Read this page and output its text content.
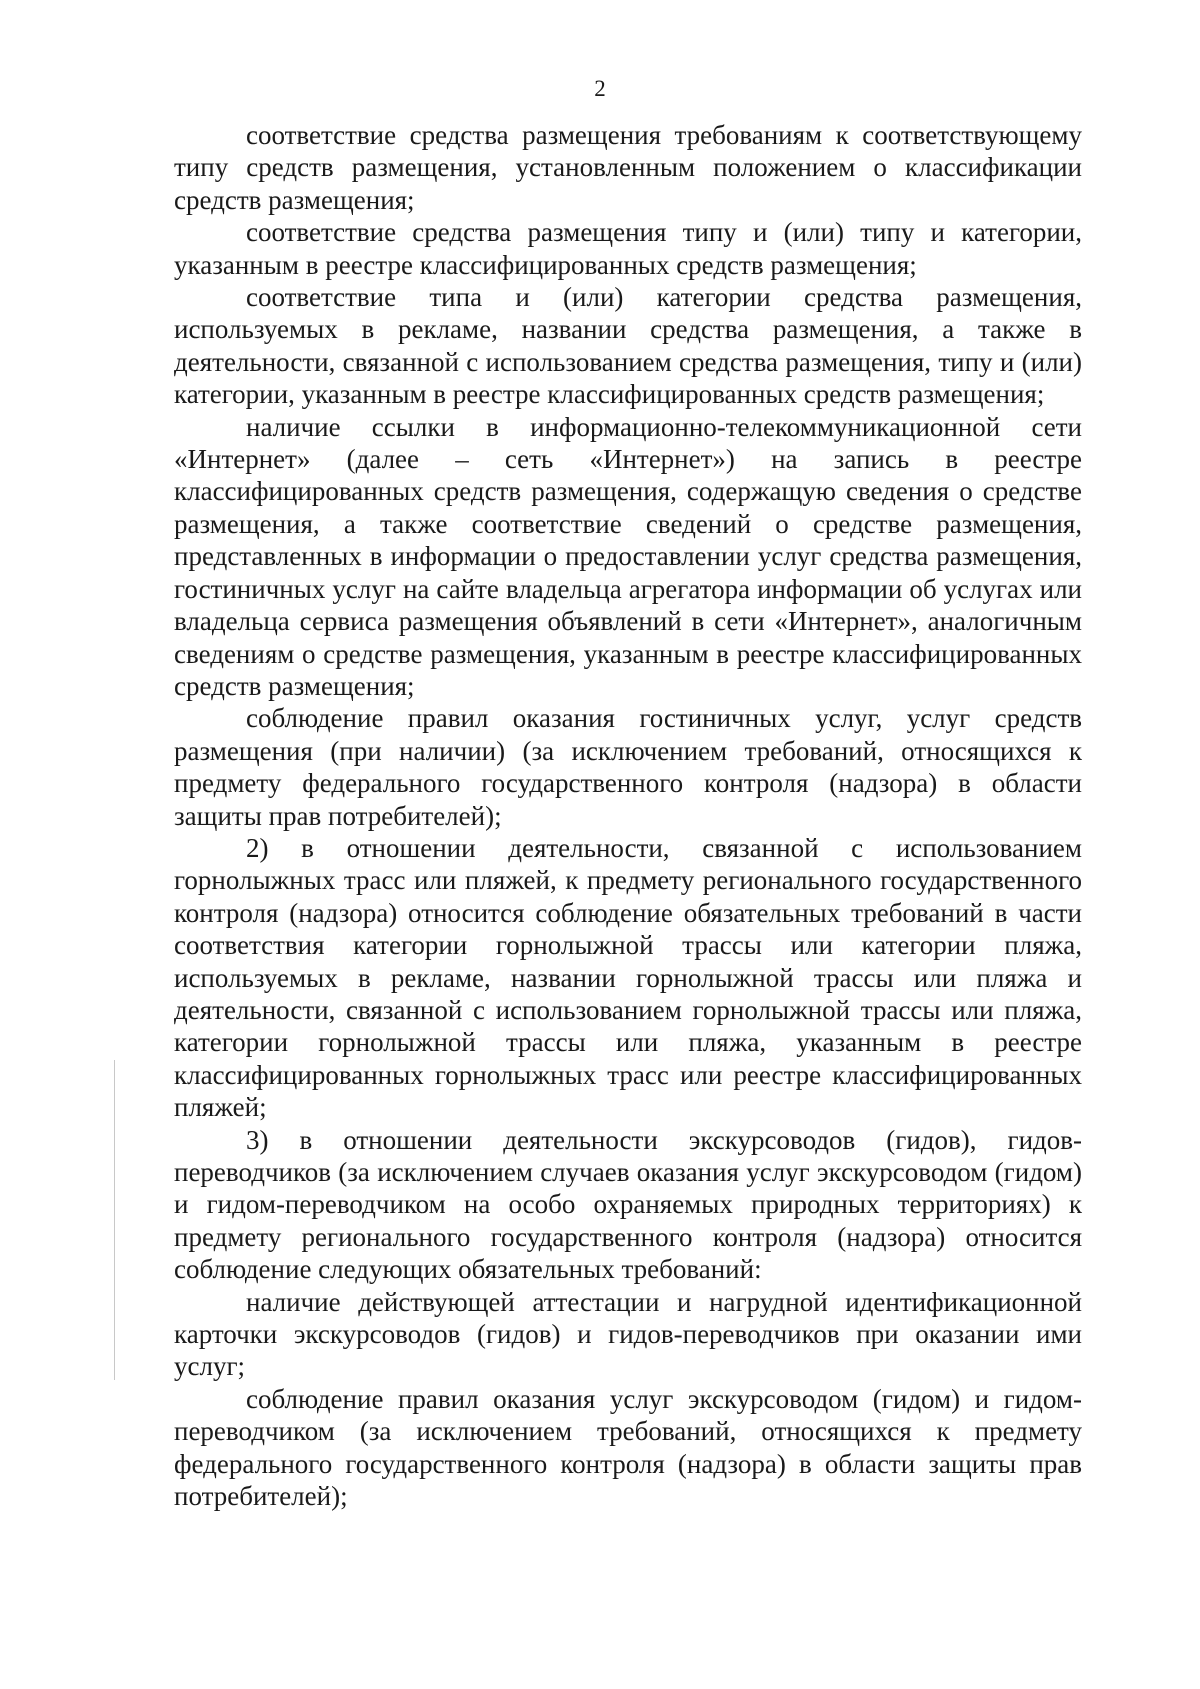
2

соответствие средства размещения требованиям к соответствующему типу средств размещения, установленным положением о классификации средств размещения;

соответствие средства размещения типу и (или) типу и категории, указанным в реестре классифицированных средств размещения;

соответствие типа и (или) категории средства размещения, используемых в рекламе, названии средства размещения, а также в деятельности, связанной с использованием средства размещения, типу и (или) категории, указанным в реестре классифицированных средств размещения;

наличие ссылки в информационно-телекоммуникационной сети «Интернет» (далее – сеть «Интернет») на запись в реестре классифицированных средств размещения, содержащую сведения о средстве размещения, а также соответствие сведений о средстве размещения, представленных в информации о предоставлении услуг средства размещения, гостиничных услуг на сайте владельца агрегатора информации об услугах или владельца сервиса размещения объявлений в сети «Интернет», аналогичным сведениям о средстве размещения, указанным в реестре классифицированных средств размещения;

соблюдение правил оказания гостиничных услуг, услуг средств размещения (при наличии) (за исключением требований, относящихся к предмету федерального государственного контроля (надзора) в области защиты прав потребителей);

2) в отношении деятельности, связанной с использованием горнолыжных трасс или пляжей, к предмету регионального государственного контроля (надзора) относится соблюдение обязательных требований в части соответствия категории горнолыжной трассы или категории пляжа, используемых в рекламе, названии горнолыжной трассы или пляжа и деятельности, связанной с использованием горнолыжной трассы или пляжа, категории горнолыжной трассы или пляжа, указанным в реестре классифицированных горнолыжных трасс или реестре классифицированных пляжей;

3) в отношении деятельности экскурсоводов (гидов), гидов-переводчиков (за исключением случаев оказания услуг экскурсоводом (гидом) и гидом-переводчиком на особо охраняемых природных территориях) к предмету регионального государственного контроля (надзора) относится соблюдение следующих обязательных требований:

наличие действующей аттестации и нагрудной идентификационной карточки экскурсоводов (гидов) и гидов-переводчиков при оказании ими услуг;

соблюдение правил оказания услуг экскурсоводом (гидом) и гидом-переводчиком (за исключением требований, относящихся к предмету федерального государственного контроля (надзора) в области защиты прав потребителей);
